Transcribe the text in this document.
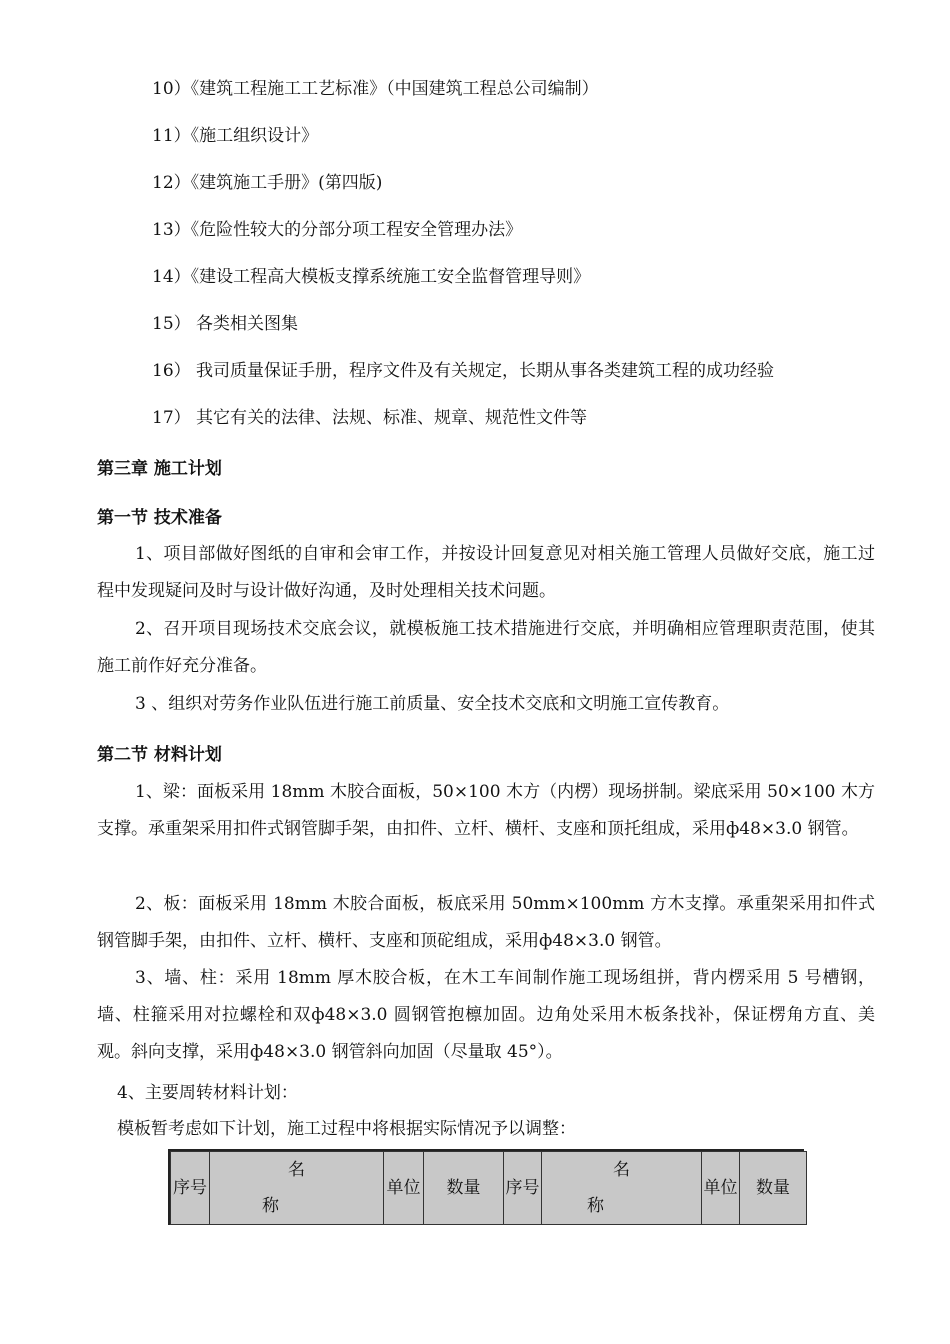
10）《建筑工程施工工艺标准》（中国建筑工程总公司编制）
11）《施工组织设计》
12）《建筑施工手册》(第四版)
13）《危险性较大的分部分项工程安全管理办法》
14）《建设工程高大模板支撑系统施工安全监督管理导则》
15） 各类相关图集
16） 我司质量保证手册，程序文件及有关规定，长期从事各类建筑工程的成功经验
17） 其它有关的法律、法规、标准、规章、规范性文件等
第三章 施工计划
第一节 技术准备
1、项目部做好图纸的自审和会审工作，并按设计回复意见对相关施工管理人员做好交底，施工过程中发现疑问及时与设计做好沟通，及时处理相关技术问题。
2、召开项目现场技术交底会议，就模板施工技术措施进行交底，并明确相应管理职责范围，使其施工前作好充分准备。
3 、组织对劳务作业队伍进行施工前质量、安全技术交底和文明施工宣传教育。
第二节 材料计划
1、梁：面板采用 18mm 木胶合面板，50×100 木方（内楞）现场拼制。梁底采用 50×100 木方支撑。承重架采用扣件式钢管脚手架，由扣件、立杆、横杆、支座和顶托组成，采用ф48×3.0 钢管。
2、板：面板采用 18mm 木胶合面板，板底采用 50mm×100mm 方木支撑。承重架采用扣件式钢管脚手架，由扣件、立杆、横杆、支座和顶砣组成，采用ф48×3.0 钢管。
3、墙、柱：采用 18mm 厚木胶合板，在木工车间制作施工现场组拼，背内楞采用 5 号槽钢，墙、柱箍采用对拉螺栓和双ф48×3.0 圆钢管抱檩加固。边角处采用木板条找补，保证楞角方直、美观。斜向支撑，采用ф48×3.0 钢管斜向加固（尽量取 45°）。
4、主要周转材料计划：
模板暂考虑如下计划，施工过程中将根据实际情况予以调整：
序号	名称	单位	数量	序号	名称	单位	数量
